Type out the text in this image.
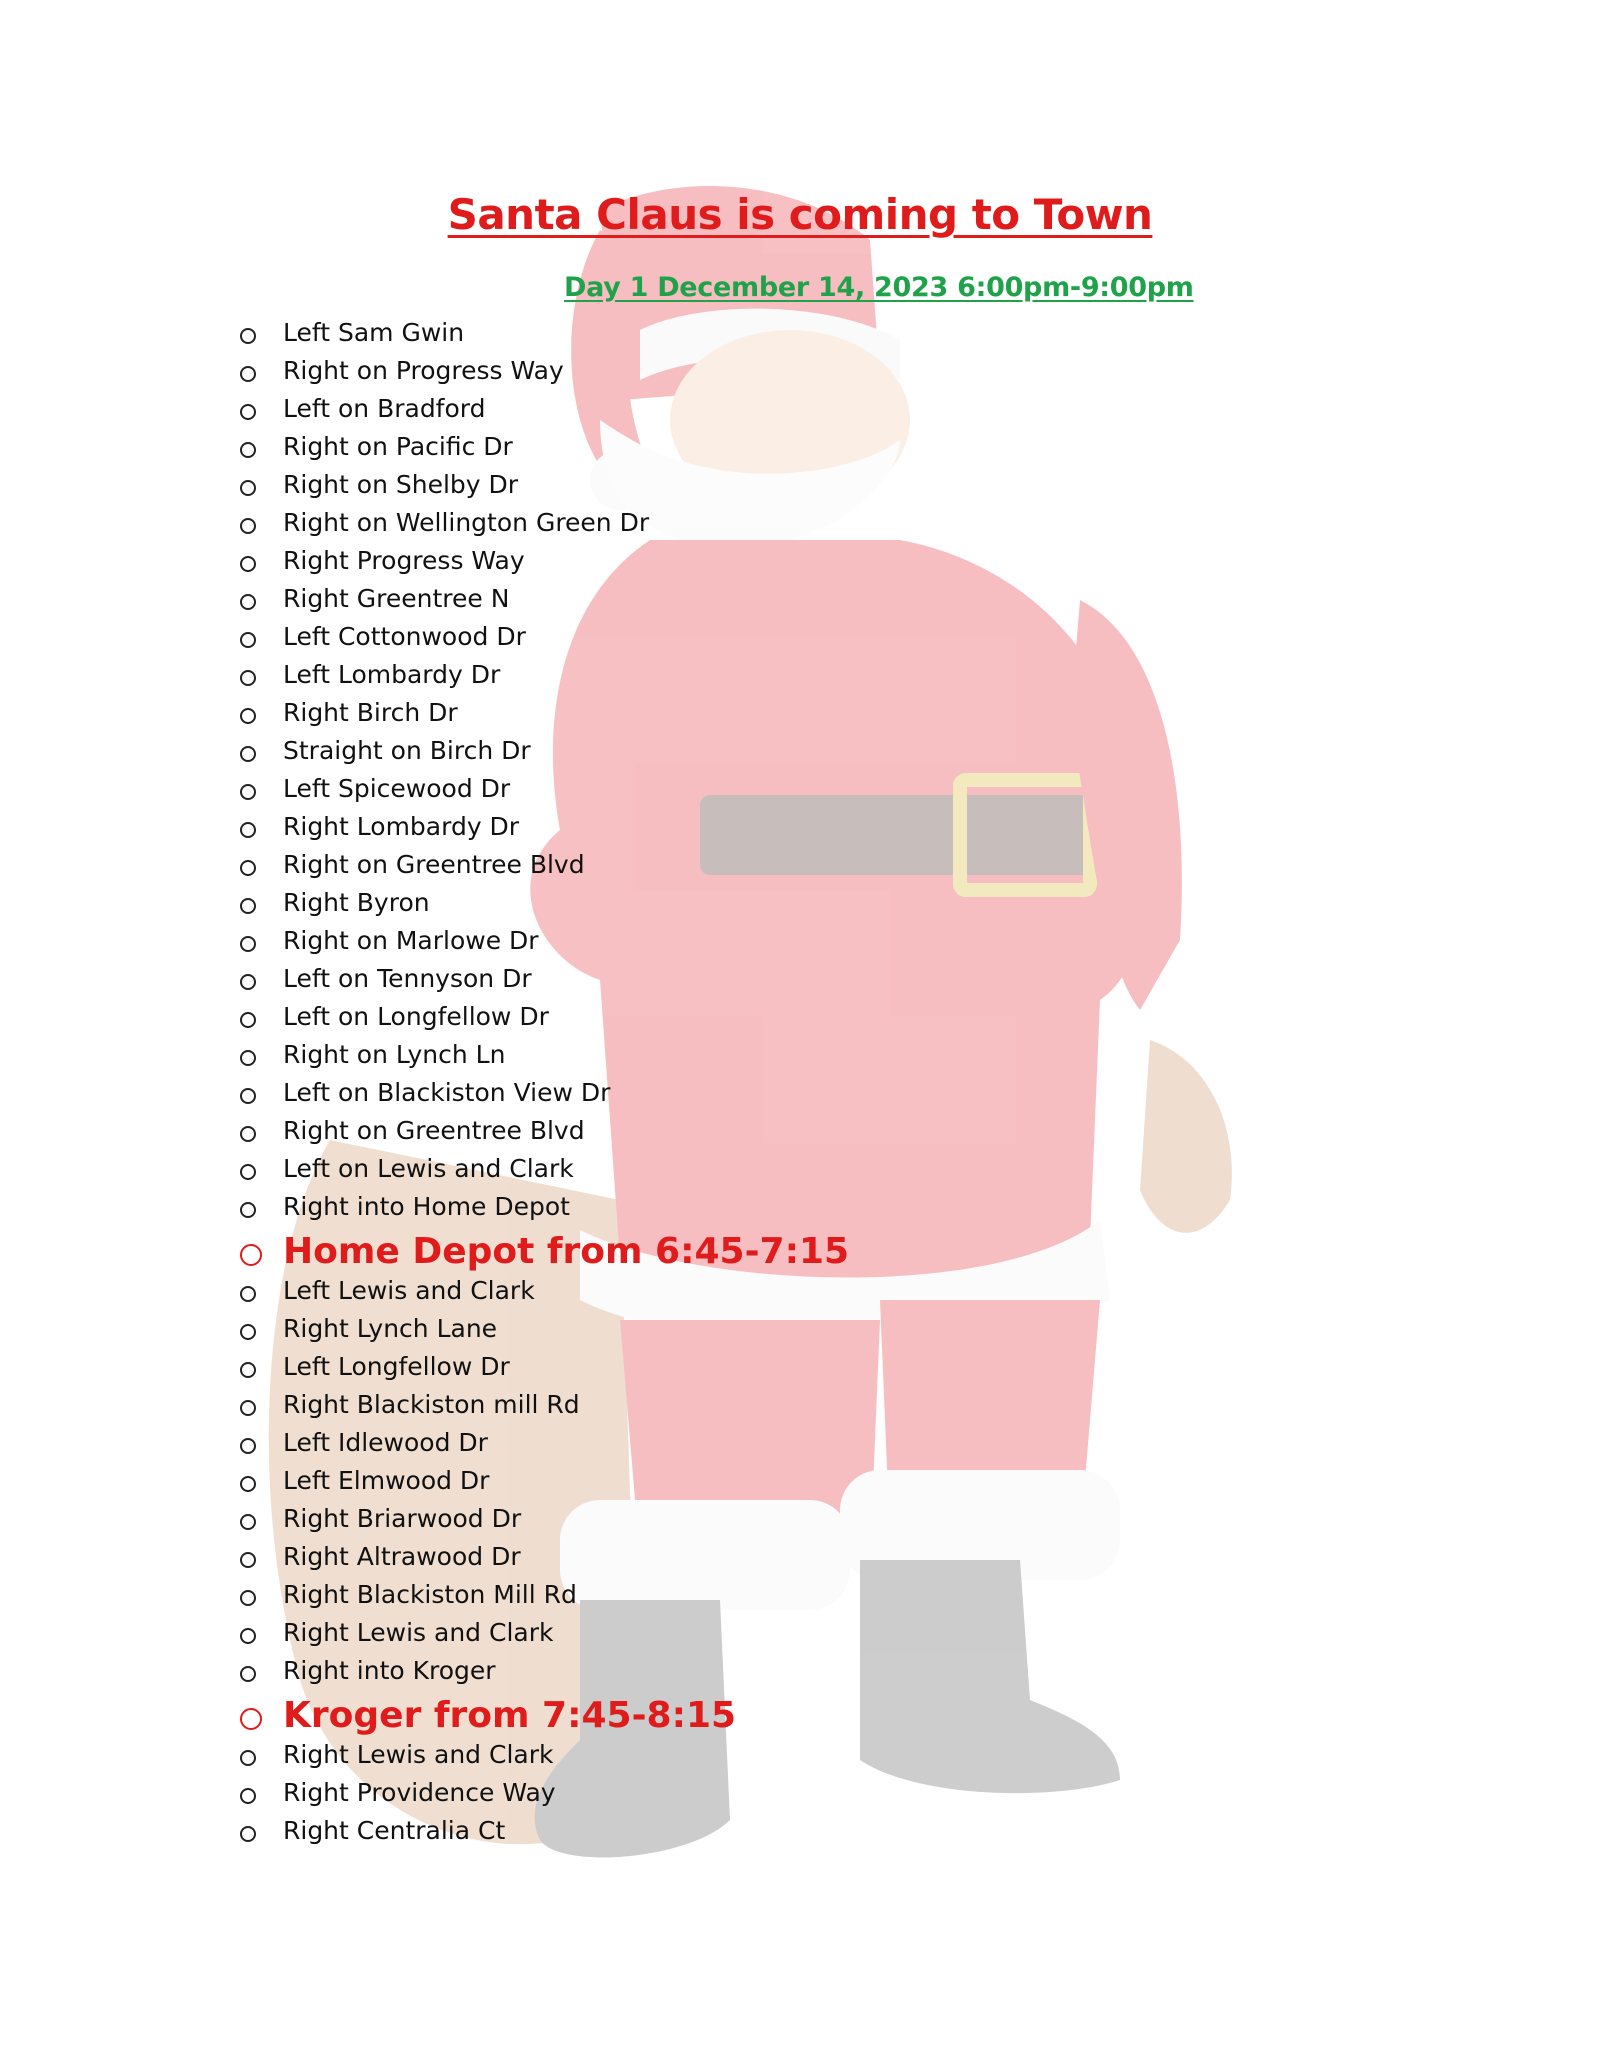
Santa Claus is coming to Town
Day 1 December 14, 2023 6:00pm-9:00pm
Left Sam Gwin
Right on Progress Way
Left on Bradford
Right on Pacific Dr
Right on Shelby Dr
Right on Wellington Green Dr
Right Progress Way
Right Greentree N
Left Cottonwood Dr
Left Lombardy Dr
Right Birch Dr
Straight on Birch Dr
Left Spicewood Dr
Right Lombardy Dr
Right on Greentree Blvd
Right Byron
Right on Marlowe Dr
Left on Tennyson Dr
Left on Longfellow Dr
Right on Lynch Ln
Left on Blackiston View Dr
Right on Greentree Blvd
Left on Lewis and Clark
Right into Home Depot
Home Depot from 6:45-7:15
Left Lewis and Clark
Right Lynch Lane
Left Longfellow Dr
Right Blackiston mill Rd
Left Idlewood Dr
Left Elmwood Dr
Right Briarwood Dr
Right Altrawood Dr
Right Blackiston Mill Rd
Right Lewis and Clark
Right into Kroger
Kroger from 7:45-8:15
Right Lewis and Clark
Right Providence Way
Right Centralia Ct
